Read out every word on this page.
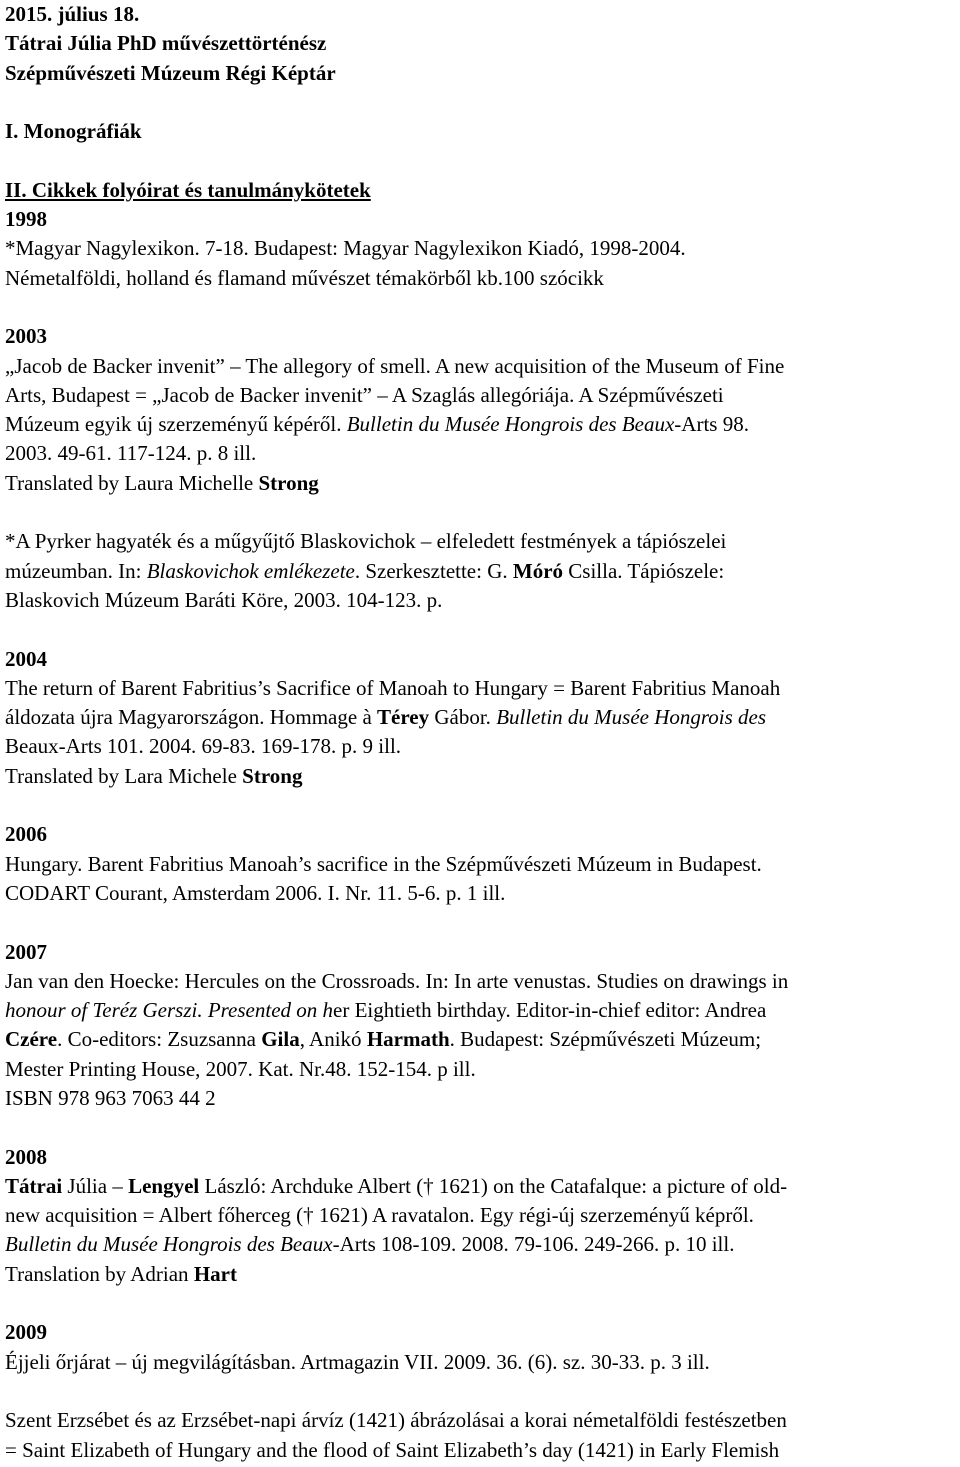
2015. július 18.
Tátrai Júlia PhD művészettörténész
Szépművészeti Múzeum Régi Képtár
I. Monográfiák
II. Cikkek folyóirat és tanulmánykötetek
1998
*Magyar Nagylexikon. 7-18. Budapest: Magyar Nagylexikon Kiadó, 1998-2004.
Németalföldi, holland és flamand művészet témakörből kb.100 szócikk
2003
„Jacob de Backer invenit” – The allegory of smell. A new acquisition of the Museum of Fine
Arts, Budapest = „Jacob de Backer invenit” – A Szaglás allegóriája. A Szépművészeti
Múzeum egyik új szerzeményű képéről. Bulletin du Musée Hongrois des Beaux-Arts 98.
2003. 49-61. 117-124. p. 8 ill.
Translated by Laura Michelle Strong
*A Pyrker hagyaték és a műgyűjtő Blaskovichok – elfeledett festmények a tápiószelei
múzeumban. In: Blaskovichok emlékezete. Szerkesztette: G. Móró Csilla. Tápiószele:
Blaskovich Múzeum Baráti Köre, 2003. 104-123. p.
2004
The return of Barent Fabritius’s Sacrifice of Manoah to Hungary = Barent Fabritius Manoah
áldozata újra Magyarországon. Hommage à Térey Gábor. Bulletin du Musée Hongrois des
Beaux-Arts 101. 2004. 69-83. 169-178. p. 9 ill.
Translated by Lara Michele Strong
2006
Hungary. Barent Fabritius Manoah’s sacrifice in the Szépművészeti Múzeum in Budapest.
CODART Courant, Amsterdam 2006. I. Nr. 11. 5-6. p. 1 ill.
2007
Jan van den Hoecke: Hercules on the Crossroads. In: In arte venustas. Studies on drawings in
honour of Teréz Gerszi. Presented on her Eightieth birthday. Editor-in-chief editor: Andrea
Czére. Co-editors: Zsuzsanna Gila, Anikó Harmath. Budapest: Szépművészeti Múzeum;
Mester Printing House, 2007. Kat. Nr.48. 152-154. p ill.
ISBN 978 963 7063 44 2
2008
Tátrai Júlia – Lengyel László: Archduke Albert († 1621) on the Catafalque: a picture of old-
new acquisition = Albert főherceg († 1621) A ravatalon. Egy régi-új szerzeményű képről.
Bulletin du Musée Hongrois des Beaux-Arts 108-109. 2008. 79-106. 249-266. p. 10 ill.
Translation by Adrian Hart
2009
Éjjeli őrjárat – új megvilágításban. Artmagazin VII. 2009. 36. (6). sz. 30-33. p. 3 ill.
Szent Erzsébet és az Erzsébet-napi árvíz (1421) ábrázolásai a korai németalföldi festészetben
= Saint Elizabeth of Hungary and the flood of Saint Elizabeth’s day (1421) in Early Flemish
